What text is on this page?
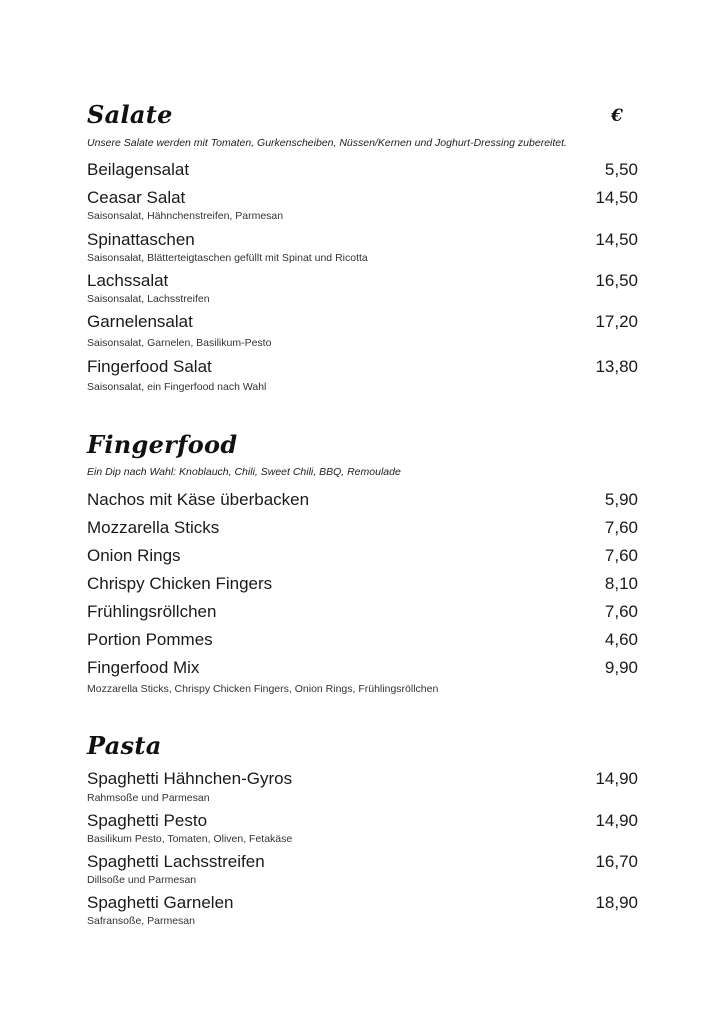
Salate	€
Unsere Salate werden mit Tomaten, Gurkenscheiben, Nüssen/Kernen und Joghurt-Dressing zubereitet.
Beilagensalat	5,50
Ceasar Salat	14,50
Saisonsalat, Hähnchenstreifen, Parmesan
Spinattaschen	14,50
Saisonsalat, Blätterteigtaschen gefüllt mit Spinat und Ricotta
Lachssalat	16,50
Saisonsalat, Lachsstreifen
Garnelensalat	17,20
Saisonsalat, Garnelen, Basilikum-Pesto
Fingerfood Salat	13,80
Saisonsalat, ein Fingerfood nach Wahl
Fingerfood
Ein Dip nach Wahl: Knoblauch, Chili, Sweet Chili, BBQ, Remoulade
Nachos mit Käse überbacken	5,90
Mozzarella Sticks	7,60
Onion Rings	7,60
Chrispy Chicken Fingers	8,10
Frühlingsröllchen	7,60
Portion Pommes	4,60
Fingerfood Mix	9,90
Mozzarella Sticks, Chrispy Chicken Fingers, Onion Rings, Frühlingsröllchen
Pasta
Spaghetti Hähnchen-Gyros	14,90
Rahmsoße und Parmesan
Spaghetti Pesto	14,90
Basilikum Pesto, Tomaten, Oliven, Fetakäse
Spaghetti Lachsstreifen	16,70
Dillsoße und Parmesan
Spaghetti Garnelen	18,90
Safransoße, Parmesan
